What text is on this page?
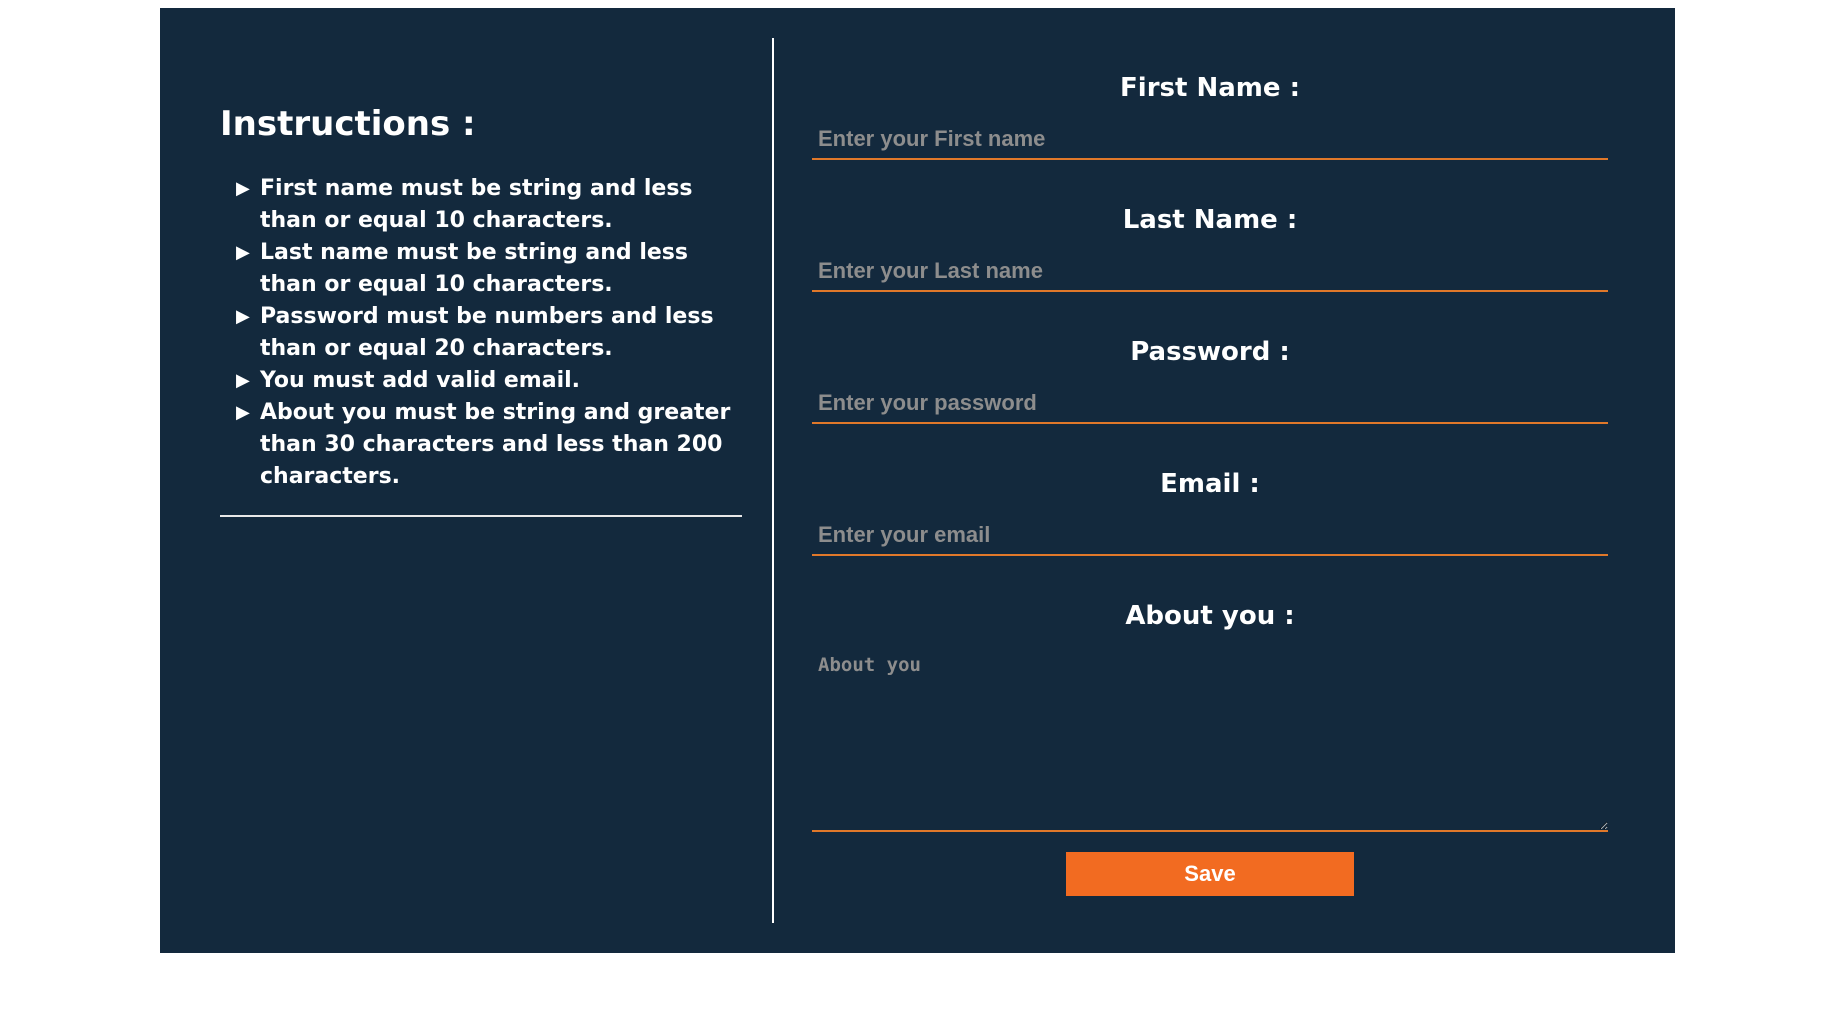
Instructions :
▶ First name must be string and less than or equal 10 characters.
▶ Last name must be string and less than or equal 10 characters.
▶ Password must be numbers and less than or equal 20 characters.
▶ You must add valid email.
▶ About you must be string and greater than 30 characters and less than 200 characters.
First Name :
Enter your First name
Last Name :
Enter your Last name
Password :
Email :
Enter your email
About you :
About you
Save
